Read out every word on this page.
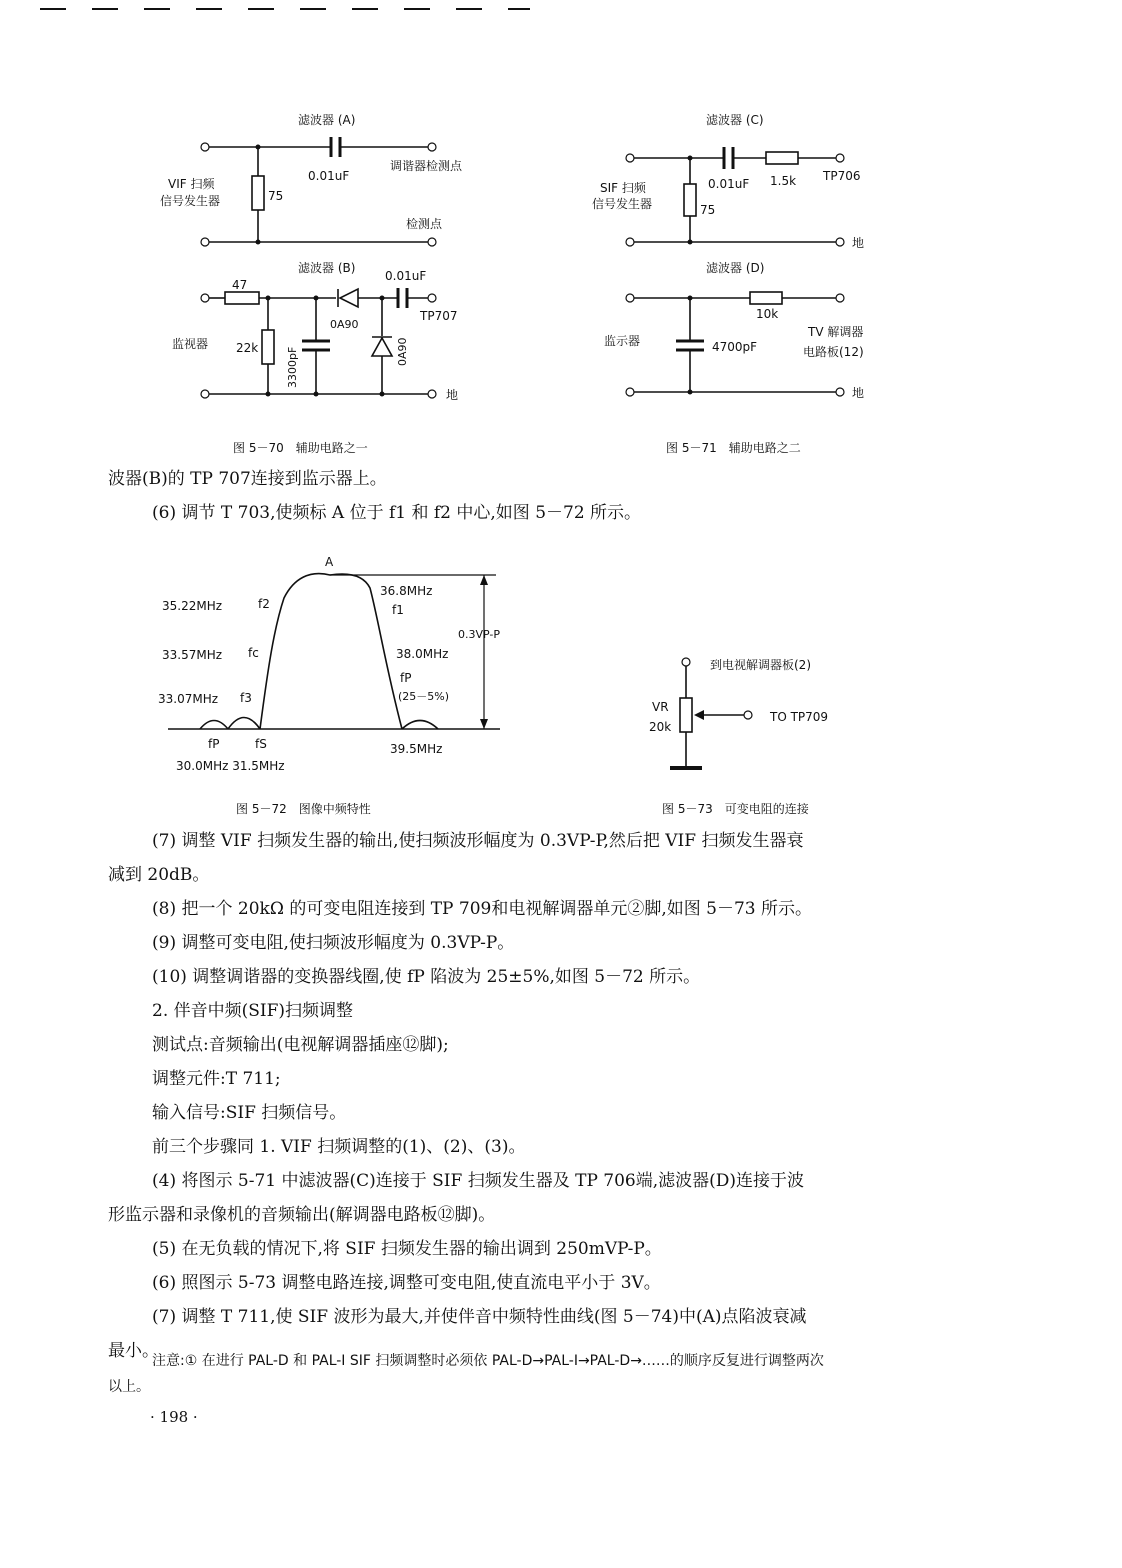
滤波器 (A)
0.01uF
调谐器检测点
75
VIF 扫频
信号发生器
检测点
滤波器 (B)
0.01uF
47
TP707
0A90
22k	3300pF	0A90
监视器
地
图 5－70　辅助电路之一
滤波器 (C)
0.01uF 1.5k TP706
75
SIF 扫频
信号发生器
地
滤波器 (D)
10k
4700pF
监示器
TV 解调器
电路板(12)
地
图 5－71　辅助电路之二

波器(B)的 TP 707连接到监示器上。

(6) 调节 T 703,使频标 A 位于 f1 和 f2 中心,如图 5－72 所示。

0.3VP-P
A
35.22MHz	f2
33.57MHz fc
33.07MHz f3
36.8MHz
f1
38.0MHz
fP
(25－5%)
fP	fS
30.0MHz 31.5MHz
39.5MHz
图 5－72　图像中频特性
到电视解调器板(2)
TO TP709
VR
20k
图 5－73　可变电阻的连接

(7) 调整 VIF 扫频发生器的输出,使扫频波形幅度为 0.3VP-P,然后把 VIF 扫频发生器衰

减到 20dB。

(8) 把一个 20kΩ 的可变电阻连接到 TP 709和电视解调器单元②脚,如图 5－73 所示。

(9) 调整可变电阻,使扫频波形幅度为 0.3VP-P。

(10) 调整调谐器的变换器线圈,使 fP 陷波为 25±5%,如图 5－72 所示。

2. 伴音中频(SIF)扫频调整

测试点:音频输出(电视解调器插座⑫脚);

调整元件:T 711;

输入信号:SIF 扫频信号。

前三个步骤同 1. VIF 扫频调整的(1)、(2)、(3)。

(4) 将图示 5-71 中滤波器(C)连接于 SIF 扫频发生器及 TP 706端,滤波器(D)连接于波

形监示器和录像机的音频输出(解调器电路板⑫脚)。

(5) 在无负载的情况下,将 SIF 扫频发生器的输出调到 250mVP-P。

(6) 照图示 5-73 调整电路连接,调整可变电阻,使直流电平小于 3V。

(7) 调整 T 711,使 SIF 波形为最大,并使伴音中频特性曲线(图 5－74)中(A)点陷波衰减

最小。

注意:① 在进行 PAL-D 和 PAL-I SIF 扫频调整时必须依 PAL-D→PAL-I→PAL-D→……的顺序反复进行调整两次
以上。
· 198 ·
